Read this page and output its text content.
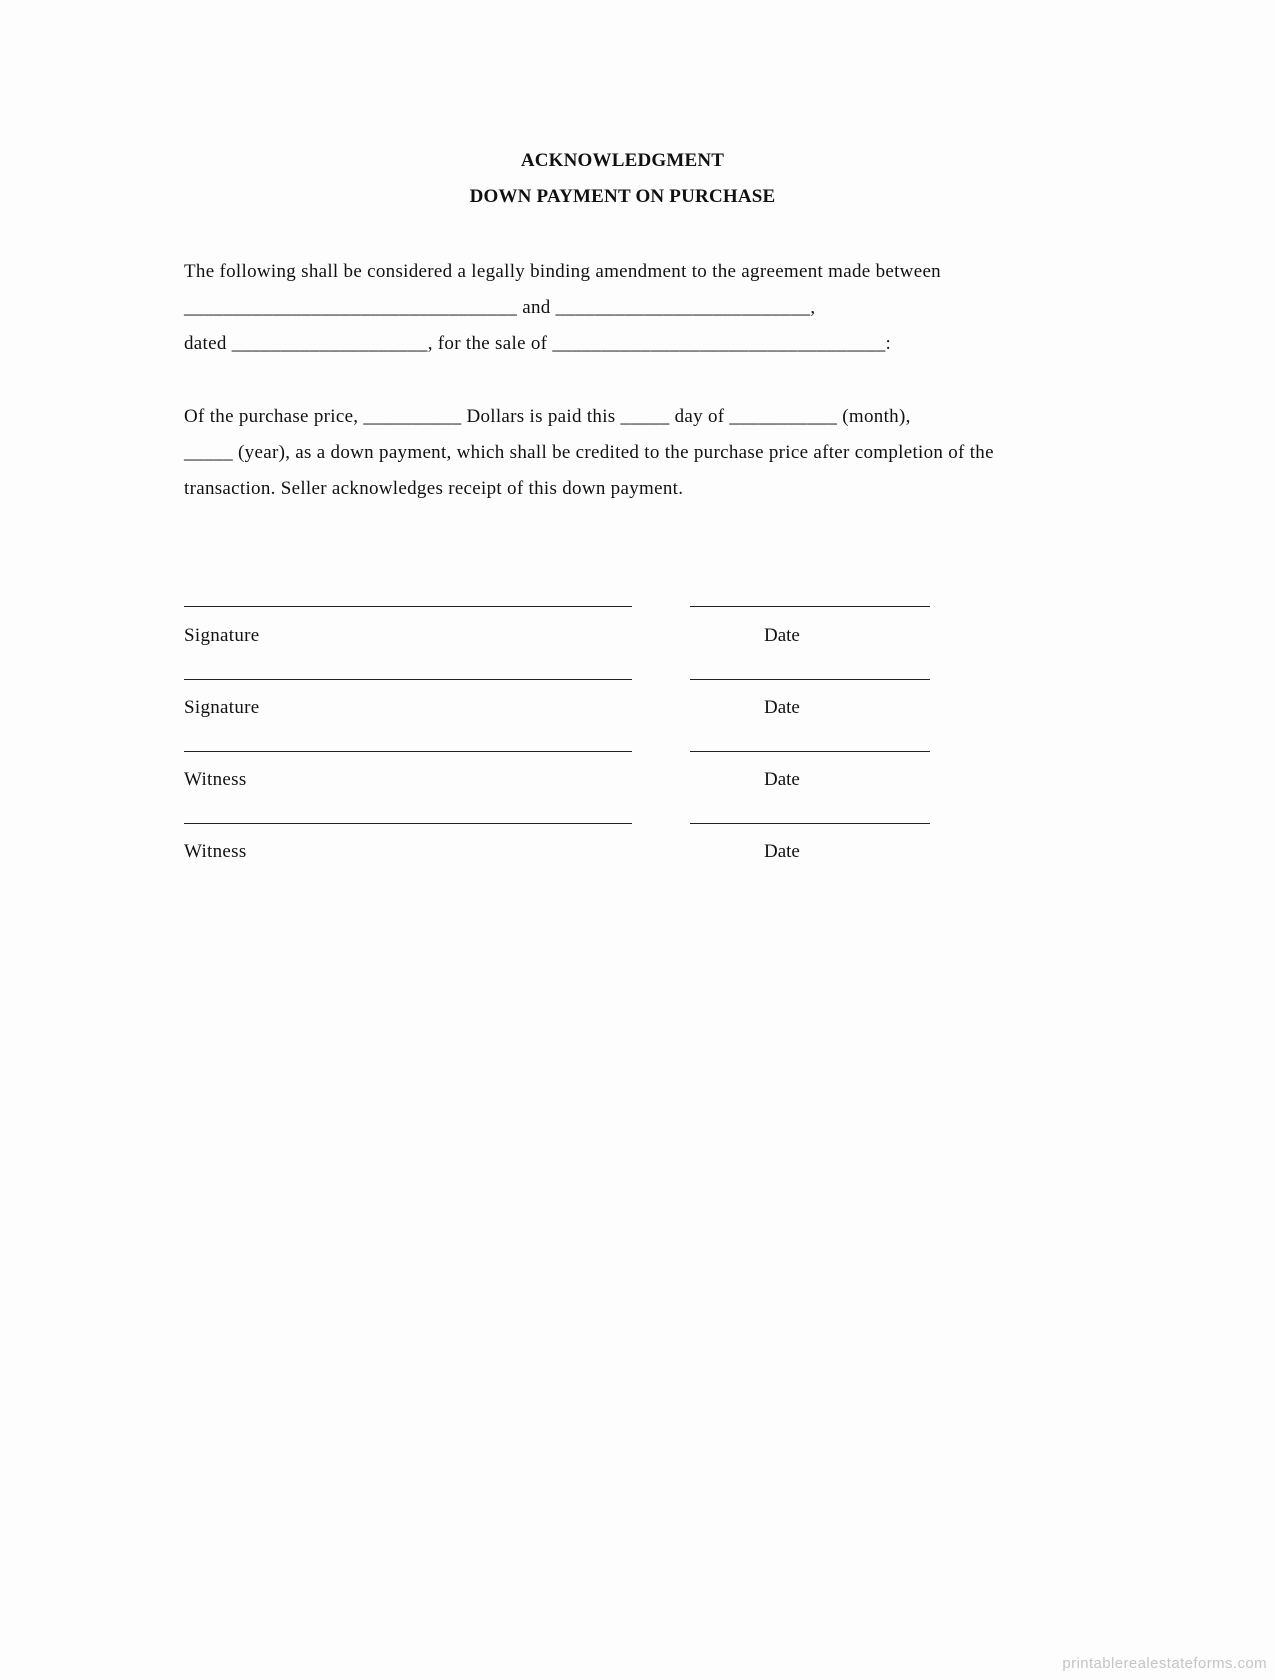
ACKNOWLEDGMENT
DOWN PAYMENT ON PURCHASE
The following shall be considered a legally binding amendment to the agreement made between
__________________________________ and __________________________,
dated ____________________, for the sale of __________________________________:
Of the purchase price, __________ Dollars is paid this _____ day of ___________ (month),
_____ (year), as a down payment, which shall be credited to the purchase price after completion of the
transaction. Seller acknowledges receipt of this down payment.
Signature	Date
Signature	Date
Witness	Date
Witness	Date
printablerealestateforms.com
